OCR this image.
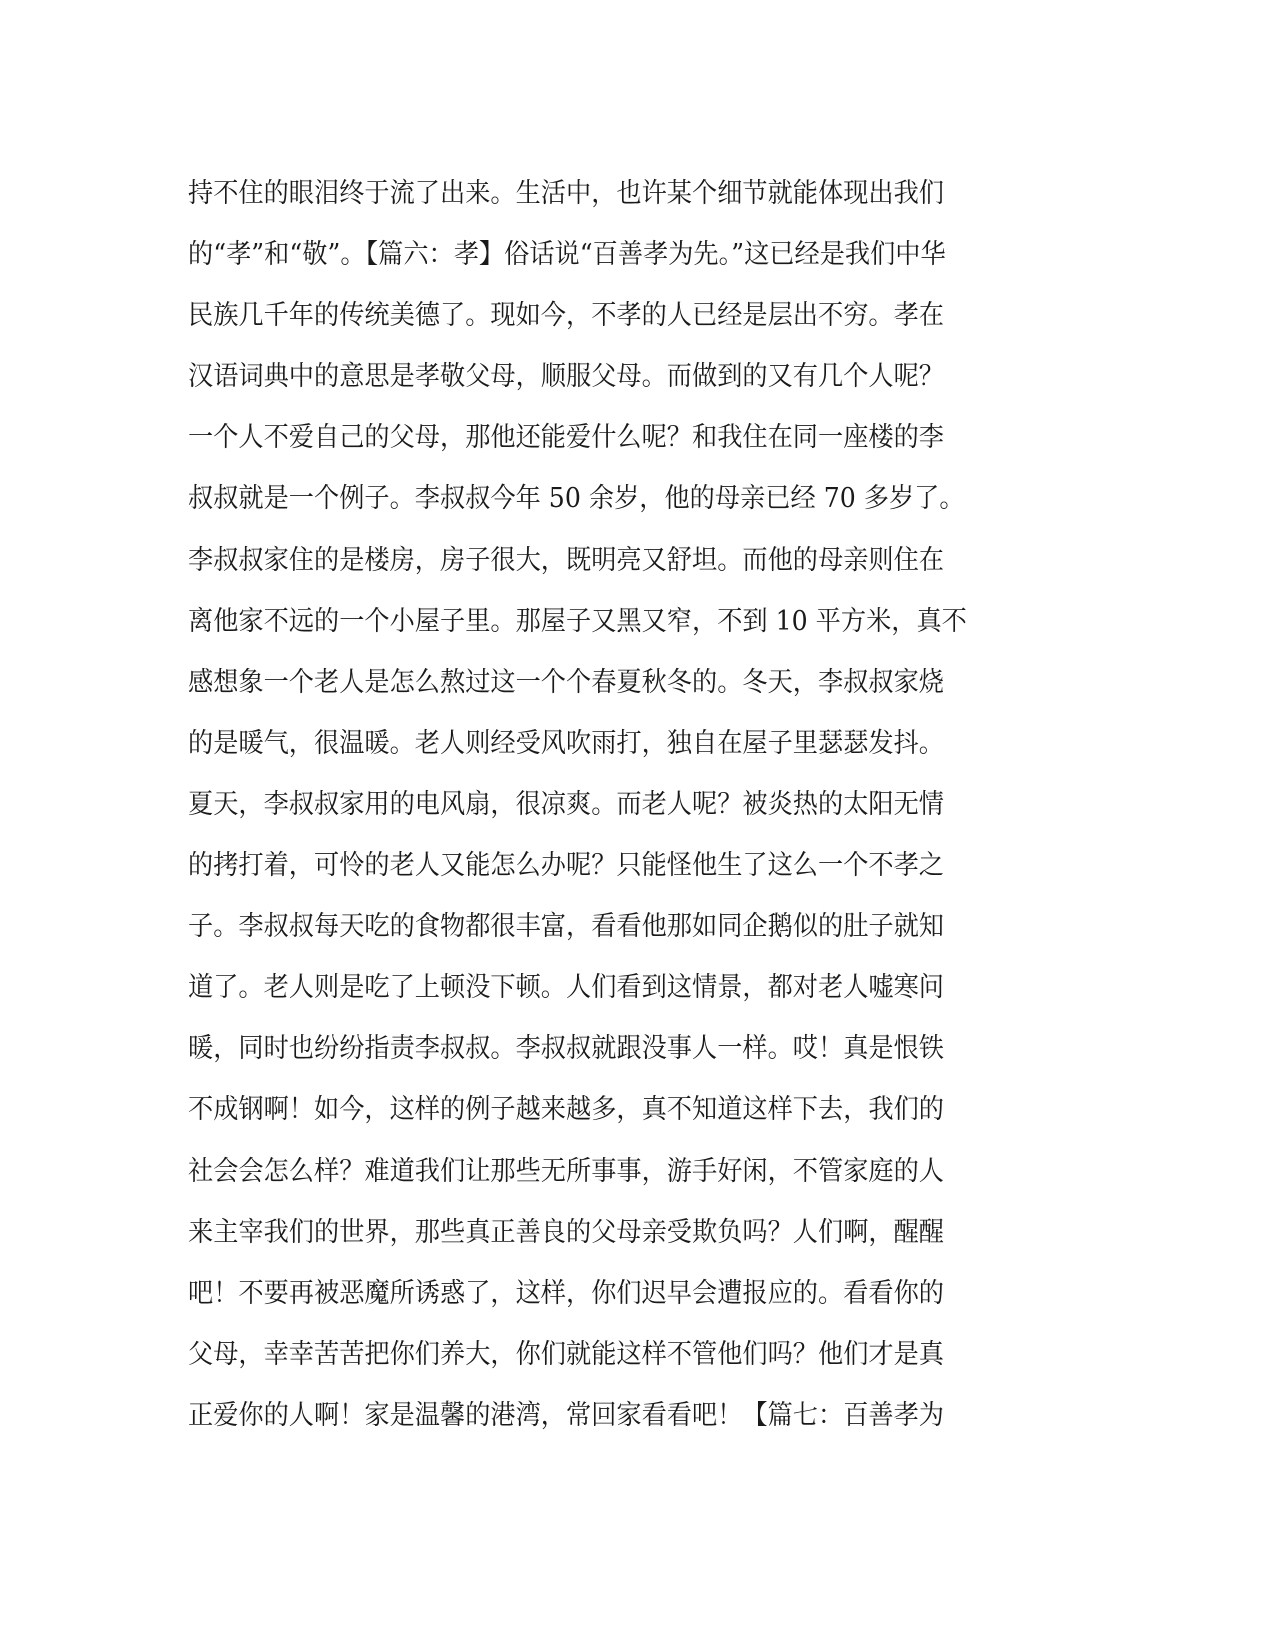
持不住的眼泪终于流了出来。生活中，也许某个细节就能体现出我们
的“孝”和“敬”。【篇六：孝】俗话说“百善孝为先。”这已经是我们中华
民族几千年的传统美德了。现如今，不孝的人已经是层出不穷。孝在
汉语词典中的意思是孝敬父母，顺服父母。而做到的又有几个人呢？
一个人不爱自己的父母，那他还能爱什么呢？和我住在同一座楼的李
叔叔就是一个例子。李叔叔今年 50 余岁，他的母亲已经 70 多岁了。
李叔叔家住的是楼房，房子很大，既明亮又舒坦。而他的母亲则住在
离他家不远的一个小屋子里。那屋子又黑又窄，不到 10 平方米，真不
感想象一个老人是怎么熬过这一个个春夏秋冬的。冬天，李叔叔家烧
的是暖气，很温暖。老人则经受风吹雨打，独自在屋子里瑟瑟发抖。
夏天，李叔叔家用的电风扇，很凉爽。而老人呢？被炎热的太阳无情
的拷打着，可怜的老人又能怎么办呢？只能怪他生了这么一个不孝之
子。李叔叔每天吃的食物都很丰富，看看他那如同企鹅似的肚子就知
道了。老人则是吃了上顿没下顿。人们看到这情景，都对老人嘘寒问
暖，同时也纷纷指责李叔叔。李叔叔就跟没事人一样。哎！真是恨铁
不成钢啊！如今，这样的例子越来越多，真不知道这样下去，我们的
社会会怎么样？难道我们让那些无所事事，游手好闲，不管家庭的人
来主宰我们的世界，那些真正善良的父母亲受欺负吗？人们啊，醒醒
吧！不要再被恶魔所诱惑了，这样，你们迟早会遭报应的。看看你的
父母，幸幸苦苦把你们养大，你们就能这样不管他们吗？他们才是真
正爱你的人啊！家是温馨的港湾，常回家看看吧！【篇七：百善孝为
